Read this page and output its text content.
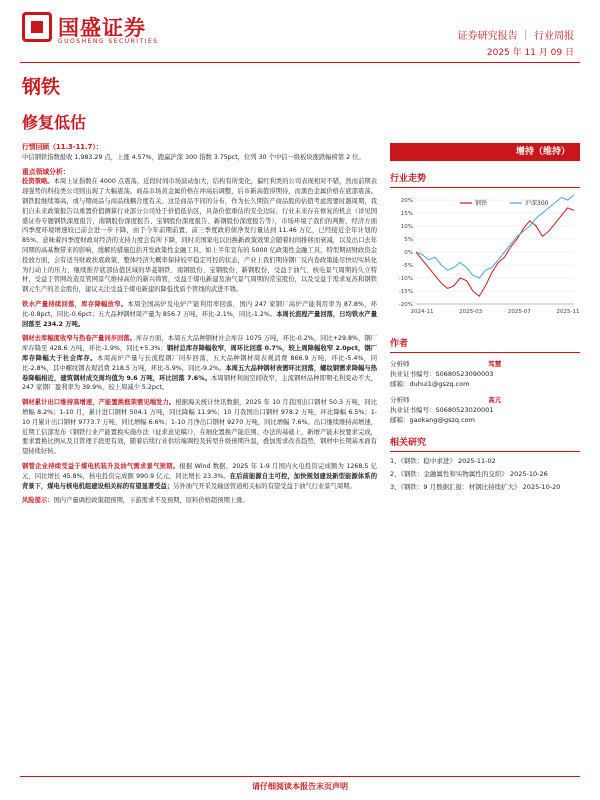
国盛证券
GUOSHENG SECURITIES	证券研究报告 ｜ 行业周报
2025 年 11 月 09 日
钢铁
修复低估

行情回顾（11.3-11.7）：

中信钢铁指数报收 1,983.29 点，上涨 4.57%，跑赢沪深 300 指数 3.75pct，位列 30 个中信一级板块涨跌幅榜第 2 位。

重点领域分析：

投资策略。本周上证指数在 4000 点震荡，近段时间市场波动加大，结构有所变化，偏红利类的公司表现相对不错，然而前期表现强势的科技类公司则出现了大幅震荡。商品市场黄金属价格在冲高后调整，后市新高值得期待，而黑色金属价格在底部震荡。钢铁股继续筹高，或与期商品与商品线耦合度有关。这是商品不同的分布，作为长久期资产商品股的估值考虑需要时越周期，我们自未来政策报告以重置价值测算行业部分公司处于价值低估区，具备价值重估的安全边际，行业未来存在修复的机会（详见国盛证券专题钢铁深度报告，南钢股份深度报告、宝钢股份深度报告、新钢股份深度报告等），市场环境了我们的判断，经济方面四季度环境增速较已前会进一步下降，由于今年前期前置，前三季度政府债净发行量达到 11.46 万亿，已经接近全年计划的 85%，意味着四季度财政对经济的支持力度会有所下降，同时美国家电以旧换新政策效果会随着时间推移而衰减，以及出口去年同期的高基数带来的影响，缓解的措施包括开发政策性金融工具，如上半年宣布的 5000 亿政策性金融工具，特型期初财政资金投放方面，会有适当财政扶底政策，整体经济大概率保持较平稳定可控的状态，产业上我们期待钢厂反内卷政策能尽快切实转化为行动上的压力，继续推荐底部估值区域的华菱钢铁、南钢股份、宝钢股份、新钢股份，受益于油气、核电景气周期的久立特材，受益于管网改造及管网景气维持高位的新兴铸管，受益于煤电新建及油气景气周期的常宝股份，以及受益于需求复苏和钢铁钢元生产的差金股份，建议关注受益于煤电新建的降低优质个管线的武进不锈。

铁水产量持续回落，库存降幅放窄。本周全国高炉及电炉产能利用率回落，国内 247 家钢厂高炉产能利用率为 87.8%，环比-0.8pct，同比-0.6pct；五大品种钢材周产量为 856.7 万吨，环比-2.1%，同比-1.2%。本周长流程产量回落，日均铁水产量回落至 234.2 万吨。

钢材去库幅度收窄与热卷产量同步回落。库存方面，本周五大品种钢材社会库存 1075 万吨，环比-0.2%，同比+29.8%，钢厂库存降至 428.6 万吨，环比-1.9%，同比+5.3%；钢材总库存降幅收窄，周环比回落 0.7%，较上周降幅收窄 2.0pct，钢厂库存降幅大于社会库存。本周高炉产量与长流程钢厂同步回落，五大品种钢材周表观消费 866.9 万吨，环比-5.4%，同比-2.8%，其中螺纹钢表观消费 218.5 万吨，环比-5.9%，同比-9.2%。本周五大品种钢材表需环比回落，螺纹钢需求降幅与热卷降幅相近，建筑钢材成交周均值为 9.6 万吨，环比回落 7.6%。本周钢材利润空间收窄，主流钢材品种即期毛利变动不大，247 家钢厂盈利率为 39.9%，较上周减少 5.2pct。

钢材累计出口维持高增速，产能置换框架需见端发力。根据海关统计快讯数据，2025 年 10 月我国出口钢材 50.3 万吨，同比增幅 8.2%；1-10 月，累计进口钢材 504.1 万吨，同比降幅 11.9%；10 月我国出口钢材 978.2 万吨，环比降幅 6.5%；1-10 月累计出口钢材 9773.7 万吨，同比增幅 6.6%；1-10 月净出口钢材 9270 万吨，同比增幅 7.6%。出口继续维持高增速，近期工信部发布《钢铁行业产能置换实施办法（征求意见稿）》，在细化置换产能范围、办法的基础上，新增产能未按要求完成，要求置换比例从及且管理手段更有效，随着后续行业供给端调控及转型升级预期升温，叠加需求改善趋势，钢材中长期基本面有望持续好转。

钢管企业持续受益于煤电机装升及油气需求景气预期。根据 Wind 数据，2025 年 1-9 月国内火电投资完成额为 1268.5 亿元，同比增长 45.8%，核电投资完成额 990.9 亿元，同比增长 23.3%。在后前能源自主可控，加快规划建设新型能源体系的背景下，煤电与核电机组建设相关标的有望显著受益；另外油气开采及输送管道相关标的有望受益于油气行业景气周期。

风险提示：国内产量调控政策超预期，下游需求不及预期，原料价格超预期上涨。

增持（维持）
行业走势
-20%
-15%
-10%
-5%
0%
5%
10%
15%
20%
2024-11	2025-03	2025-07	2025-11
钢铁	沪深300
作者
分析师	笃慧
执业证书编号：S0680523090003
邮箱：duhui1@gszq.com
分析师	高亢
执业证书编号：S0680523020001
邮箱：gaokang@gszq.com
相关研究
1、《钢铁：稳中求进》 2025-11-02
2、《钢铁：金融属性和实物属性的交织》 2025-10-26
3、《钢铁：9 月数据汇报：材钢比持续扩大》 2025-10-20
请仔细阅读本报告末页声明
